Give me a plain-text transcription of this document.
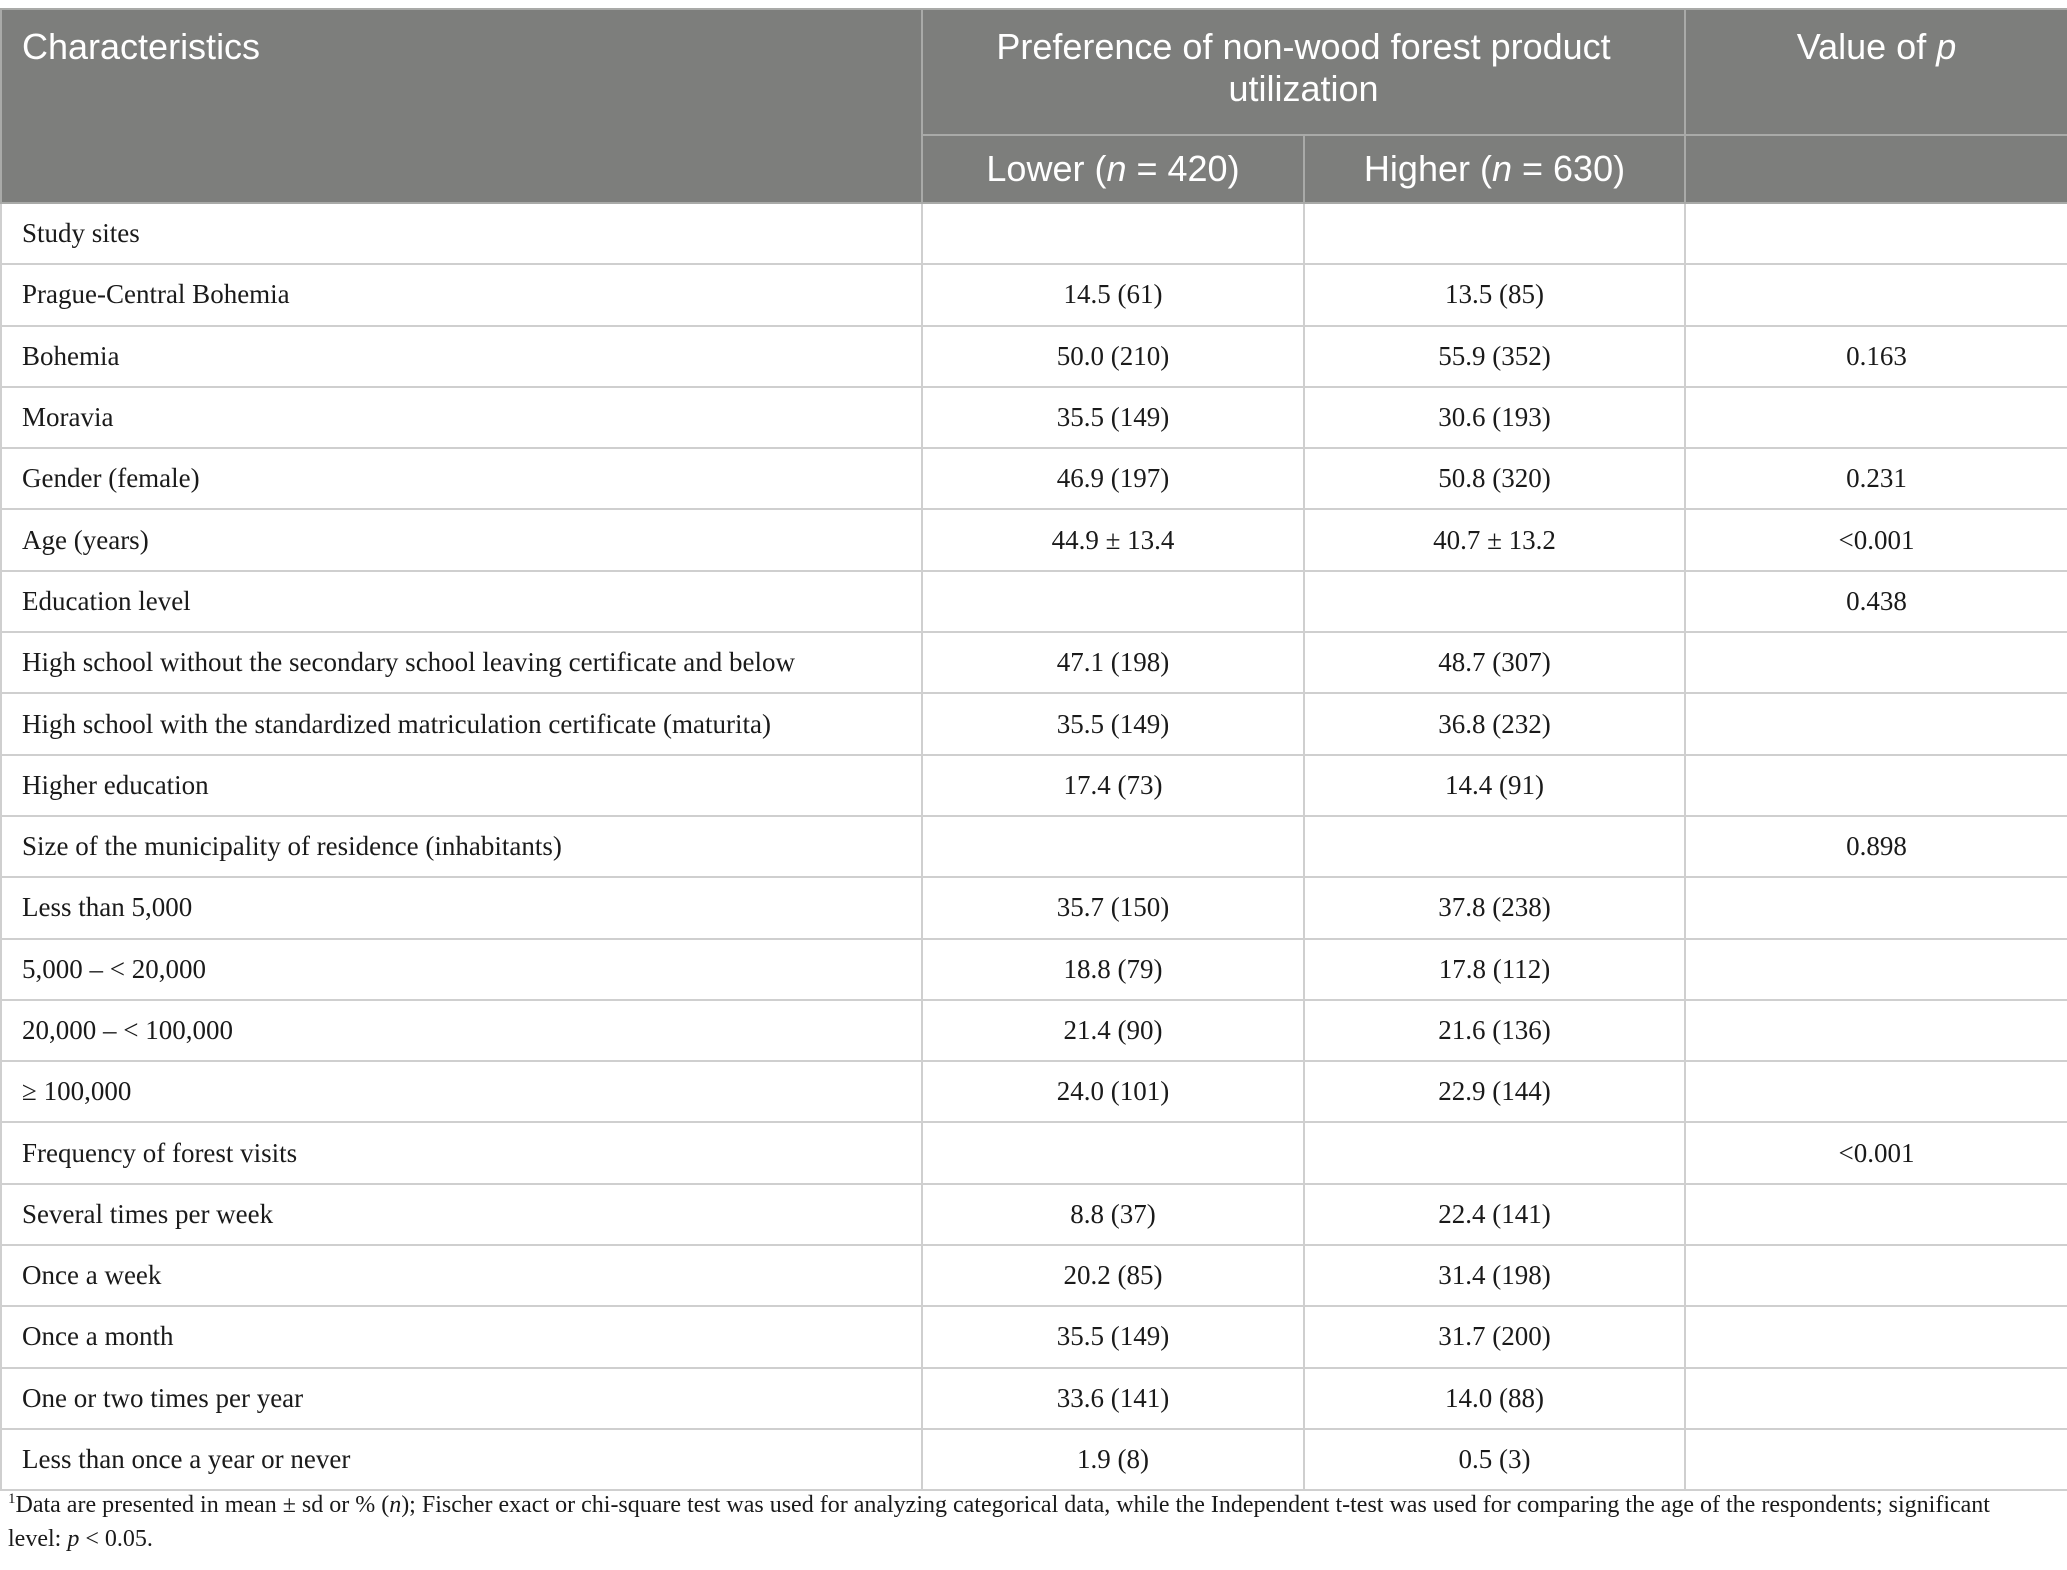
Characteristics	Preference of non-wood forest product utilization		Value of p
	Lower (n = 420)	Higher (n = 630)	
Study sites			
Prague-Central Bohemia	14.5 (61)	13.5 (85)	
Bohemia	50.0 (210)	55.9 (352)	0.163
Moravia	35.5 (149)	30.6 (193)	
Gender (female)	46.9 (197)	50.8 (320)	0.231
Age (years)	44.9 ± 13.4	40.7 ± 13.2	<0.001
Education level			0.438
High school without the secondary school leaving certificate and below	47.1 (198)	48.7 (307)	
High school with the standardized matriculation certificate (maturita)	35.5 (149)	36.8 (232)	
Higher education	17.4 (73)	14.4 (91)	
Size of the municipality of residence (inhabitants)			0.898
Less than 5,000	35.7 (150)	37.8 (238)	
5,000 – < 20,000	18.8 (79)	17.8 (112)	
20,000 – < 100,000	21.4 (90)	21.6 (136)	
≥ 100,000	24.0 (101)	22.9 (144)	
Frequency of forest visits			<0.001
Several times per week	8.8 (37)	22.4 (141)	
Once a week	20.2 (85)	31.4 (198)	
Once a month	35.5 (149)	31.7 (200)	
One or two times per year	33.6 (141)	14.0 (88)	
Less than once a year or never	1.9 (8)	0.5 (3)	
$^1$Data are presented in mean ± sd or % (n); Fischer exact or chi-square test was used for analyzing categorical data, while the Independent t-test was used for comparing the age of the respondents; significant level: p < 0.05.
